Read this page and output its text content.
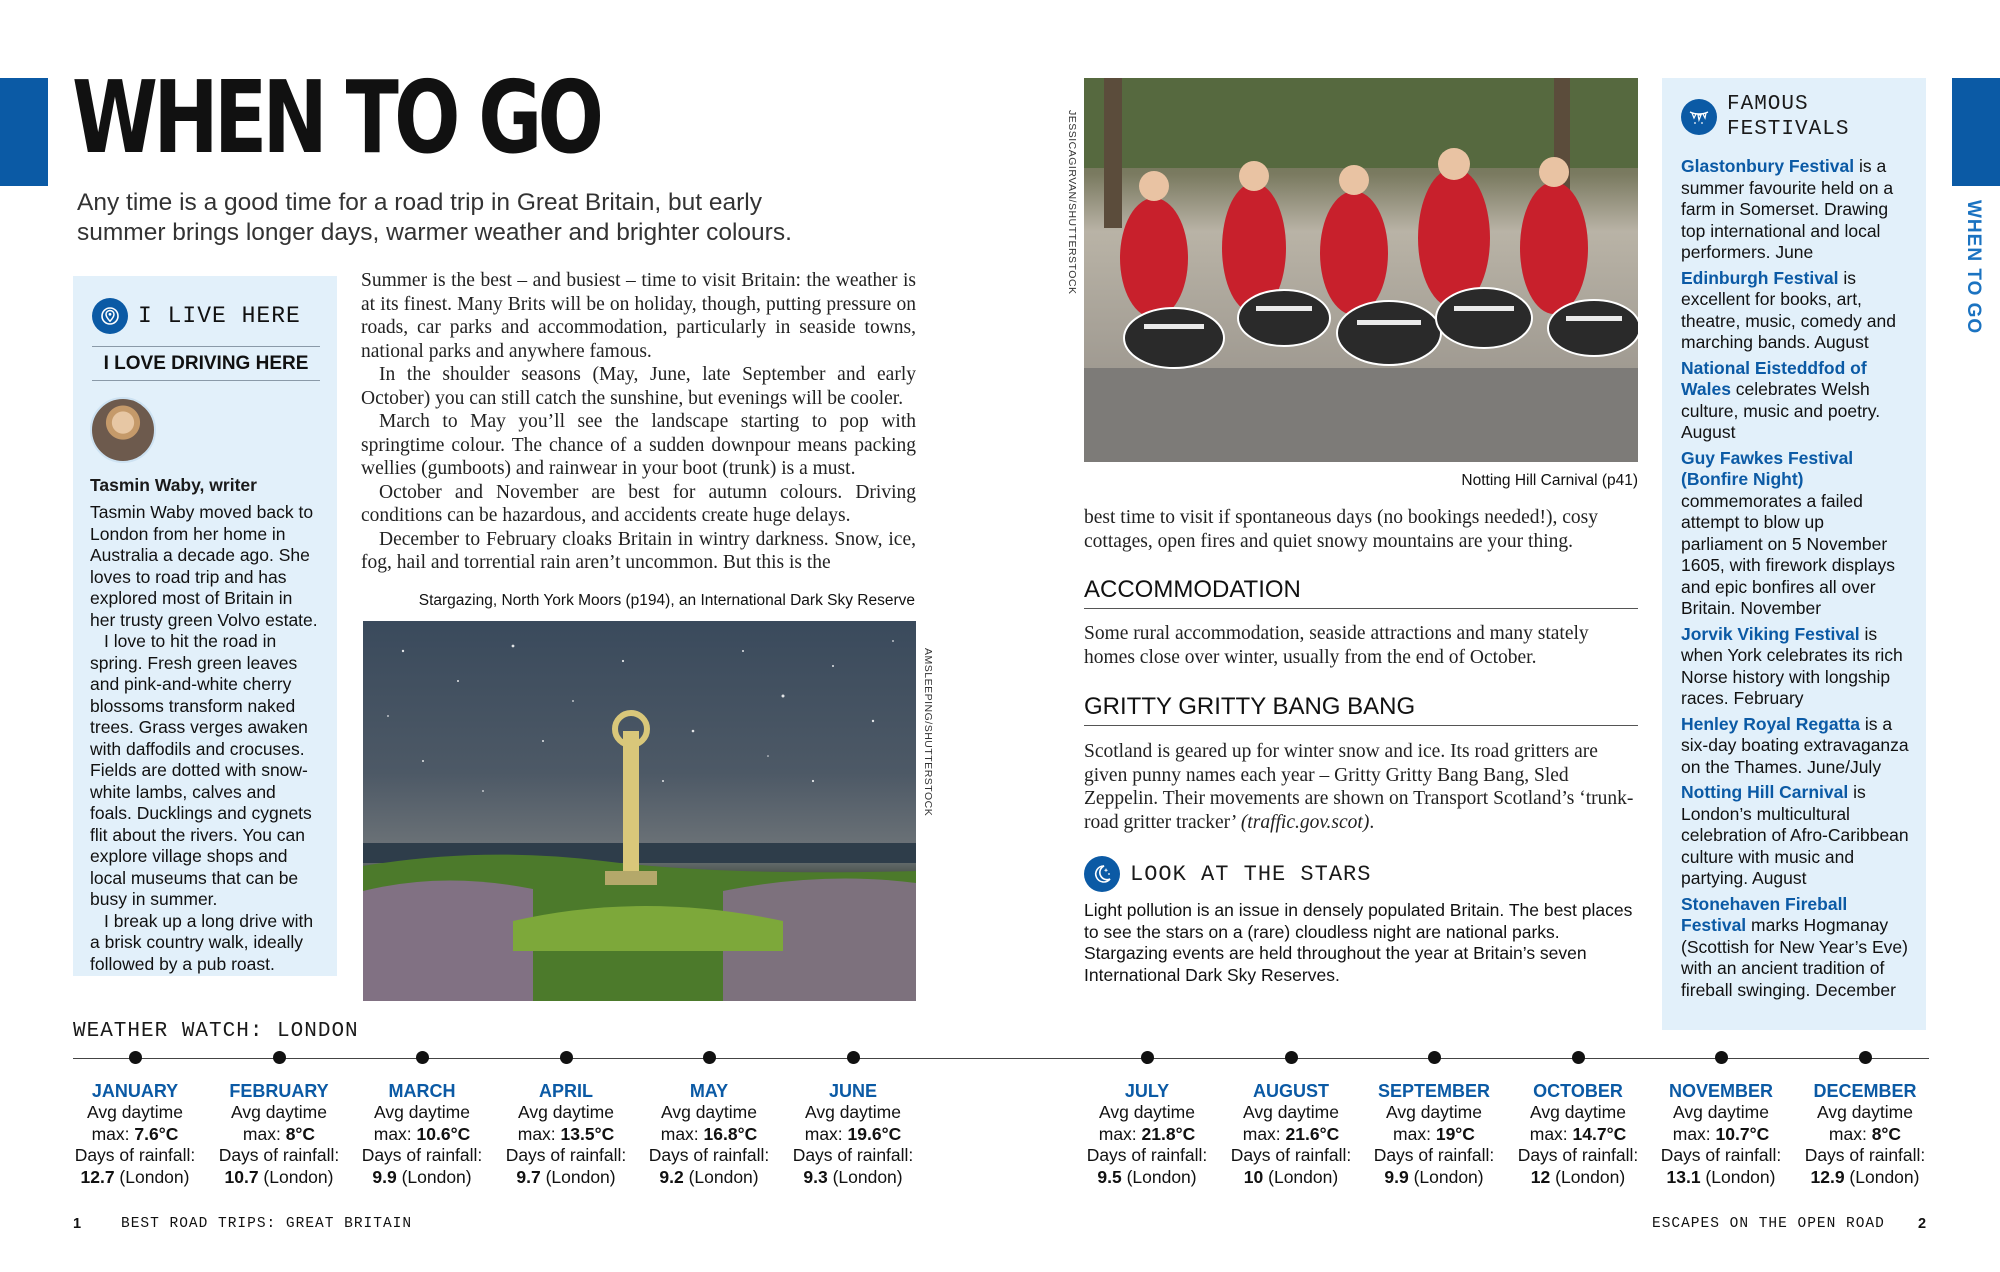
WHEN TO GO
WHEN TO GO
Any time is a good time for a road trip in Great Britain, but early summer brings longer days, warmer weather and brighter colours.
I LIVE HERE
I LOVE DRIVING HERE
Tasmin Waby, writer

Tasmin Waby moved back to London from her home in Australia a decade ago. She loves to road trip and has explored most of Britain in her trusty green Volvo estate.

I love to hit the road in spring. Fresh green leaves and pink-and-white cherry blossoms transform naked trees. Grass verges awaken with daffodils and crocuses. Fields are dotted with snow-white lambs, calves and foals. Ducklings and cygnets flit about the rivers. You can explore village shops and local museums that can be busy in summer.

I break up a long drive with a brisk country walk, ideally followed by a pub roast.

Summer is the best – and busiest – time to visit Britain: the weather is at its finest. Many Brits will be on holiday, though, putting pressure on roads, car parks and accommodation, particularly in seaside towns, national parks and anywhere famous.

In the shoulder seasons (May, June, late September and early October) you can still catch the sunshine, but evenings will be cooler.

March to May you’ll see the landscape starting to pop with springtime colour. The chance of a sudden downpour means packing wellies (gumboots) and rainwear in your boot (trunk) is a must.

October and November are best for autumn colours. Driving conditions can be hazardous, and accidents create huge delays.

December to February cloaks Britain in wintry darkness. Snow, ice, fog, hail and torrential rain aren’t uncommon. But this is the

Stargazing, North York Moors (p194), an International Dark Sky Reserve
AMSLEEPING/SHUTTERSTOCK
JESSICAGIRVAN/SHUTTERSTOCK
Notting Hill Carnival (p41)
best time to visit if spontaneous days (no bookings needed!), cosy cottages, open fires and quiet snowy mountains are your thing.
ACCOMMODATION
Some rural accommodation, seaside attractions and many stately homes close over winter, usually from the end of October.
GRITTY GRITTY BANG BANG
Scotland is geared up for winter snow and ice. Its road gritters are given punny names each year – Gritty Gritty Bang Bang, Sled Zeppelin. Their movements are shown on Transport Scotland’s ‘trunk-road gritter tracker’ (traffic.gov.scot).
LOOK AT THE STARS
Light pollution is an issue in densely populated Britain. The best places to see the stars on a (rare) cloudless night are national parks. Stargazing events are held throughout the year at Britain’s seven International Dark Sky Reserves.
FAMOUS
FESTIVALS
Glastonbury Festival is a summer favourite held on a farm in Somerset. Drawing top international and local performers. June
Edinburgh Festival is excellent for books, art, theatre, music, comedy and marching bands. August
National Eisteddfod of Wales celebrates Welsh culture, music and poetry. August
Guy Fawkes Festival (Bonfire Night) commemorates a failed attempt to blow up parliament on 5 November 1605, with firework displays and epic bonfires all over Britain. November
Jorvik Viking Festival is when York celebrates its rich Norse history with longship races. February
Henley Royal Regatta is a six-day boating extravaganza on the Thames. June/July
Notting Hill Carnival is London’s multicultural celebration of Afro-Caribbean culture with music and partying. August
Stonehaven Fireball Festival marks Hogmanay (Scottish for New Year’s Eve) with an ancient tradition of fireball swinging. December
WEATHER WATCH: LONDON
JANUARY
Avg daytime
max: 7.6°C
Days of rainfall:
12.7 (London)
FEBRUARY
Avg daytime
max: 8°C
Days of rainfall:
10.7 (London)
MARCH
Avg daytime
max: 10.6°C
Days of rainfall:
9.9 (London)
APRIL
Avg daytime
max: 13.5°C
Days of rainfall:
9.7 (London)
MAY
Avg daytime
max: 16.8°C
Days of rainfall:
9.2 (London)
JUNE
Avg daytime
max: 19.6°C
Days of rainfall:
9.3 (London)
JULY
Avg daytime
max: 21.8°C
Days of rainfall:
9.5 (London)
AUGUST
Avg daytime
max: 21.6°C
Days of rainfall:
10 (London)
SEPTEMBER
Avg daytime
max: 19°C
Days of rainfall:
9.9 (London)
OCTOBER
Avg daytime
max: 14.7°C
Days of rainfall:
12 (London)
NOVEMBER
Avg daytime
max: 10.7°C
Days of rainfall:
13.1 (London)
DECEMBER
Avg daytime
max: 8°C
Days of rainfall:
12.9 (London)
1	BEST ROAD TRIPS: GREAT BRITAIN	ESCAPES ON THE OPEN ROAD 2
